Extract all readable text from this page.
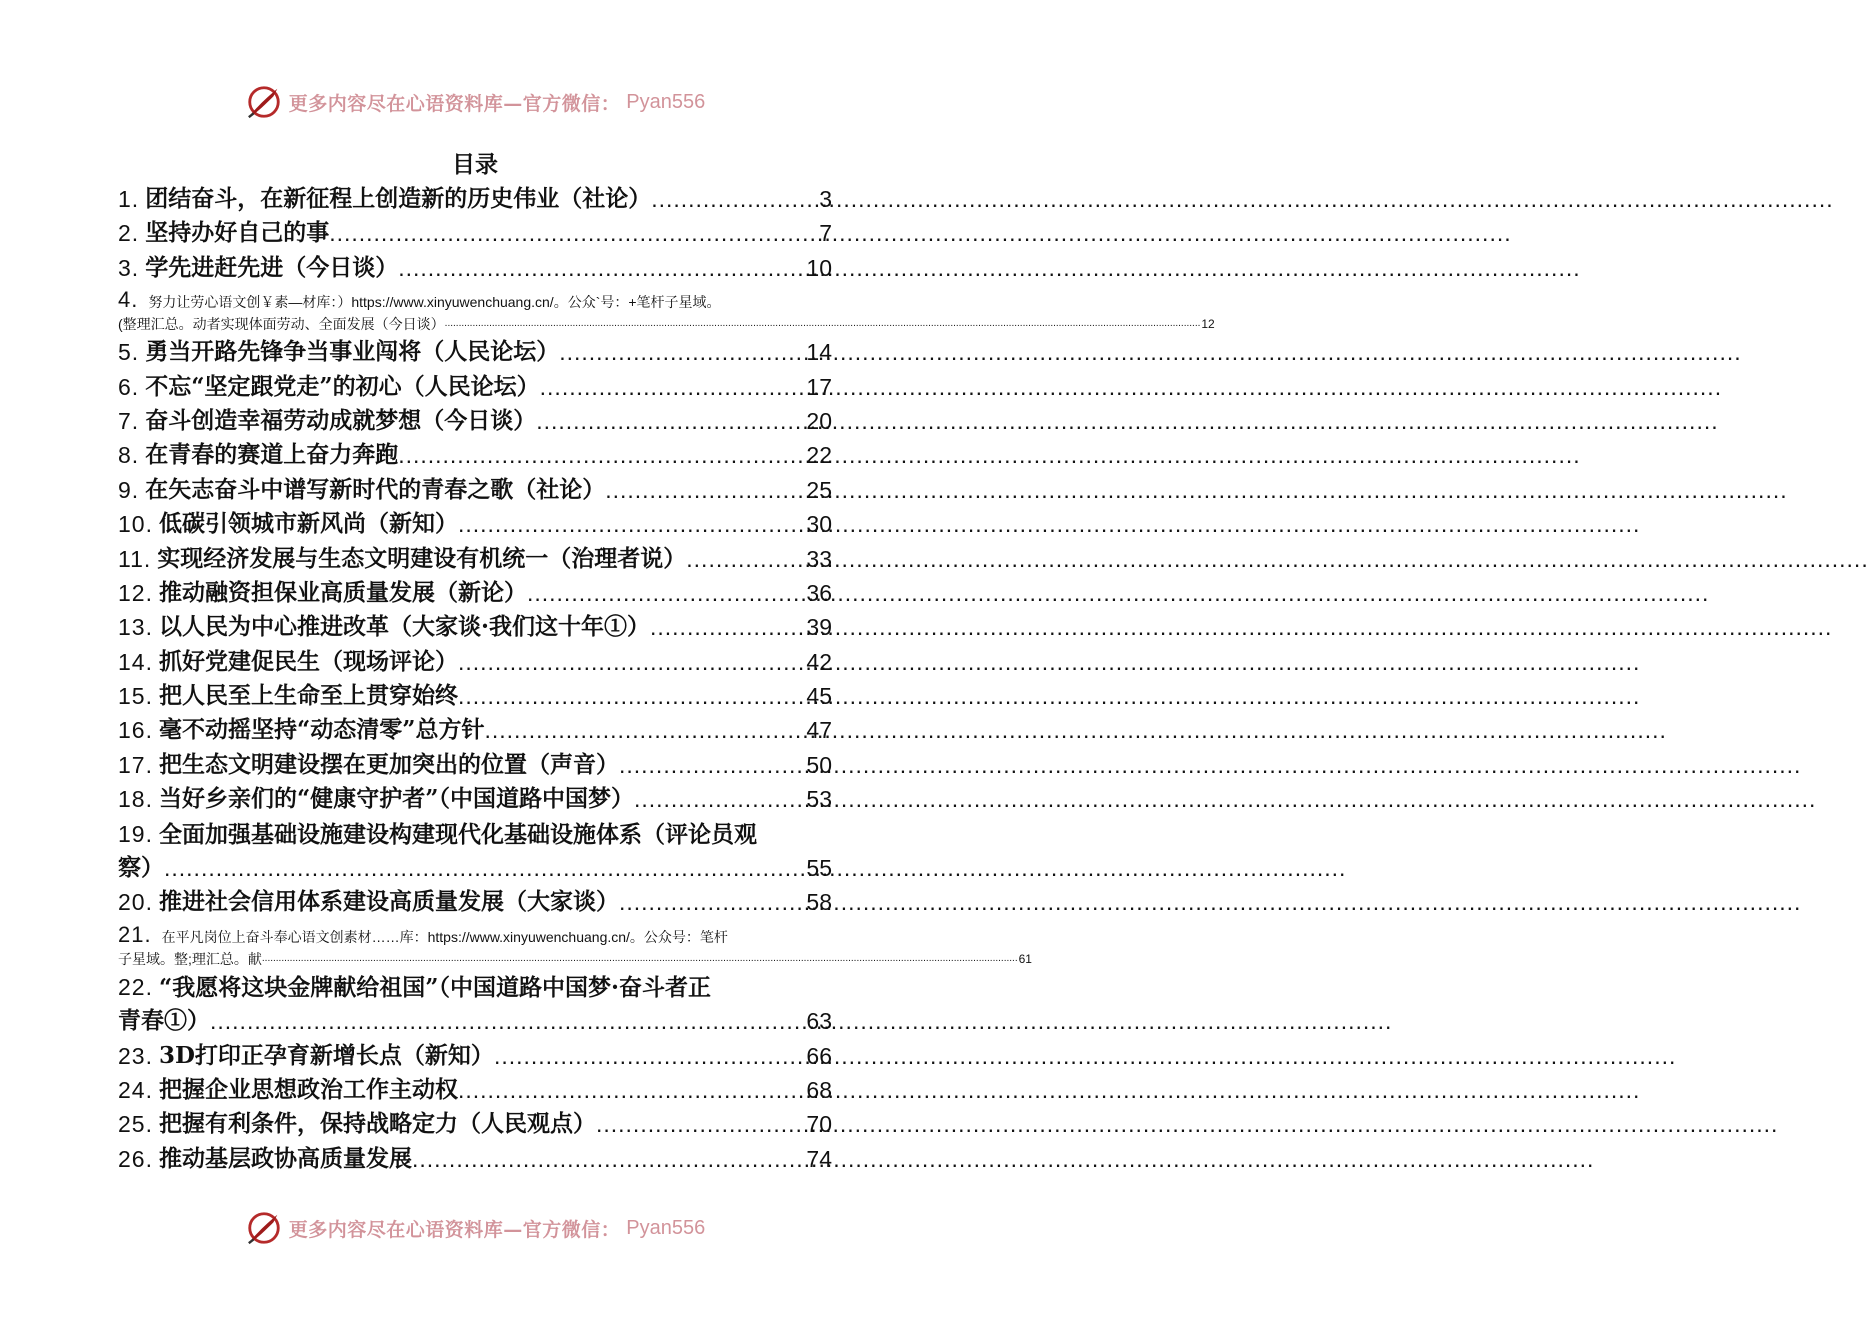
更多内容尽在心语资料库—官方微信： Pyan556
目录
1. 团结奋斗，在新征程上创造新的历史伟业（社论） .....	3
2. 坚持办好自己的事 .....	7
3. 学先进赶先进（今日谈） .....	10
4. 努力让劳心语文创￥素—材库：）https://www.xinyuwenchuang.cn/。公众`号：+笔杆子星域。
(整理汇总。动者实现体面劳动、全面发展（今日谈） .....	12
5. 勇当开路先锋争当事业闯将（人民论坛） .....	14
6. 不忘“坚定跟党走”的初心（人民论坛） .....	17
7. 奋斗创造幸福劳动成就梦想（今日谈） .....	20
8. 在青春的赛道上奋力奔跑 .....	22
9. 在矢志奋斗中谱写新时代的青春之歌（社论） .....	25
10. 低碳引领城市新风尚（新知） .....	30
11. 实现经济发展与生态文明建设有机统一（治理者说） .....	33
12. 推动融资担保业高质量发展（新论） .....	36
13. 以人民为中心推进改革（大家谈·我们这十年①） .....	39
14. 抓好党建促民生（现场评论） .....	42
15. 把人民至上生命至上贯穿始终 .....	45
16. 毫不动摇坚持“动态清零”总方针 .....	47
17. 把生态文明建设摆在更加突出的位置（声音） .....	50
18. 当好乡亲们的“健康守护者”（中国道路中国梦） .....	53
19. 全面加强基础设施建设构建现代化基础设施体系（评论员观
察） .....	55
20. 推进社会信用体系建设高质量发展（大家谈） .....	58
21. 在平凡岗位上奋斗奉心语文创素材……库：https://www.xinyuwenchuang.cn/。公众号：笔杆
子星域。整;理汇总。献 .....	61
22. “我愿将这块金牌献给祖国”（中国道路中国梦·奋斗者正
青春①） .....	63
23. 3D打印正孕育新增长点（新知） .....	66
24. 把握企业思想政治工作主动权 .....	68
25. 把握有利条件，保持战略定力（人民观点） .....	70
26. 推动基层政协高质量发展 .....	74
更多内容尽在心语资料库—官方微信： Pyan556
